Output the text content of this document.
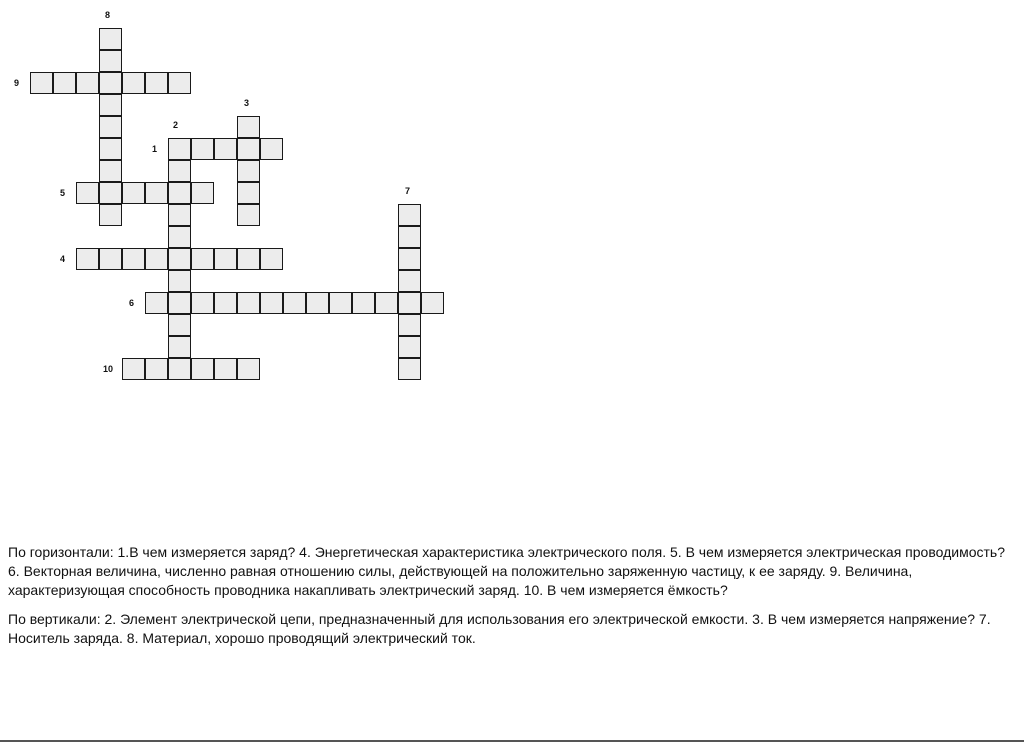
1
2
3
4
5
6
7
8
9
10

По горизонтали: 1.В чем измеряется заряд? 4. Энергетическая характеристика электрического поля. 5. В чем измеряется электрическая проводимость? 6. Векторная величина, численно равная отношению силы, действующей на положительно заряженную частицу, к ее заряду. 9. Величина, характеризующая способность проводника накапливать электрический заряд. 10. В чем измеряется ёмкость?

По вертикали: 2. Элемент электрической цепи, предназначенный для использования его электрической емкости. 3. В чем измеряется напряжение? 7. Носитель заряда. 8. Материал, хорошо проводящий электрический ток.
